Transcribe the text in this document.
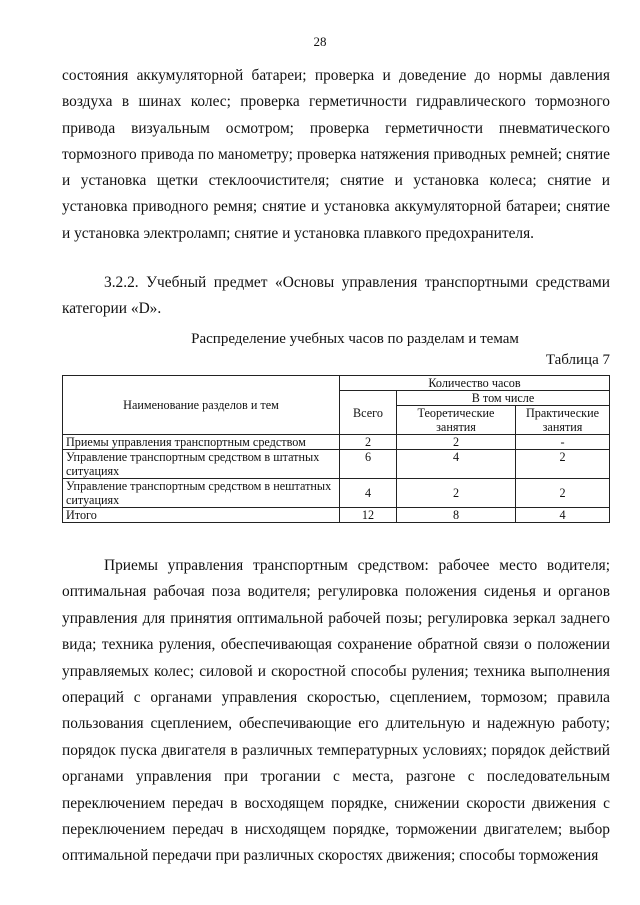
28

состояния аккумуляторной батареи; проверка и доведение до нормы давления воздуха в шинах колес; проверка герметичности гидравлического тормозного привода визуальным осмотром; проверка герметичности пневматического тормозного привода по манометру; проверка натяжения приводных ремней; снятие и установка щетки стеклоочистителя; снятие и установка колеса; снятие и установка приводного ремня; снятие и установка аккумуляторной батареи; снятие и установка электроламп; снятие и установка плавкого предохранителя.

3.2.2. Учебный предмет «Основы управления транспортными средствами категории «D».

Распределение учебных часов по разделам и темам
Таблица 7
Наименование разделов и тем	Количество часов		
	Всего	В том числе	
		Теоретические занятия	Практические занятия
Приемы управления транспортным средством	2	2	-
Управление транспортным средством в штатных ситуациях	6	4	2
Управление транспортным средством в нештатных ситуациях	4	2	2
Итого	12	8	4

Приемы управления транспортным средством: рабочее место водителя; оптимальная рабочая поза водителя; регулировка положения сиденья и органов управления для принятия оптимальной рабочей позы; регулировка зеркал заднего вида; техника руления, обеспечивающая сохранение обратной связи о положении управляемых колес; силовой и скоростной способы руления; техника выполнения операций с органами управления скоростью, сцеплением, тормозом; правила пользования сцеплением, обеспечивающие его длительную и надежную работу; порядок пуска двигателя в различных температурных условиях; порядок действий органами управления при трогании с места, разгоне с последовательным переключением передач в восходящем порядке, снижении скорости движения с переключением передач в нисходящем порядке, торможении двигателем; выбор оптимальной передачи при различных скоростях движения; способы торможения
